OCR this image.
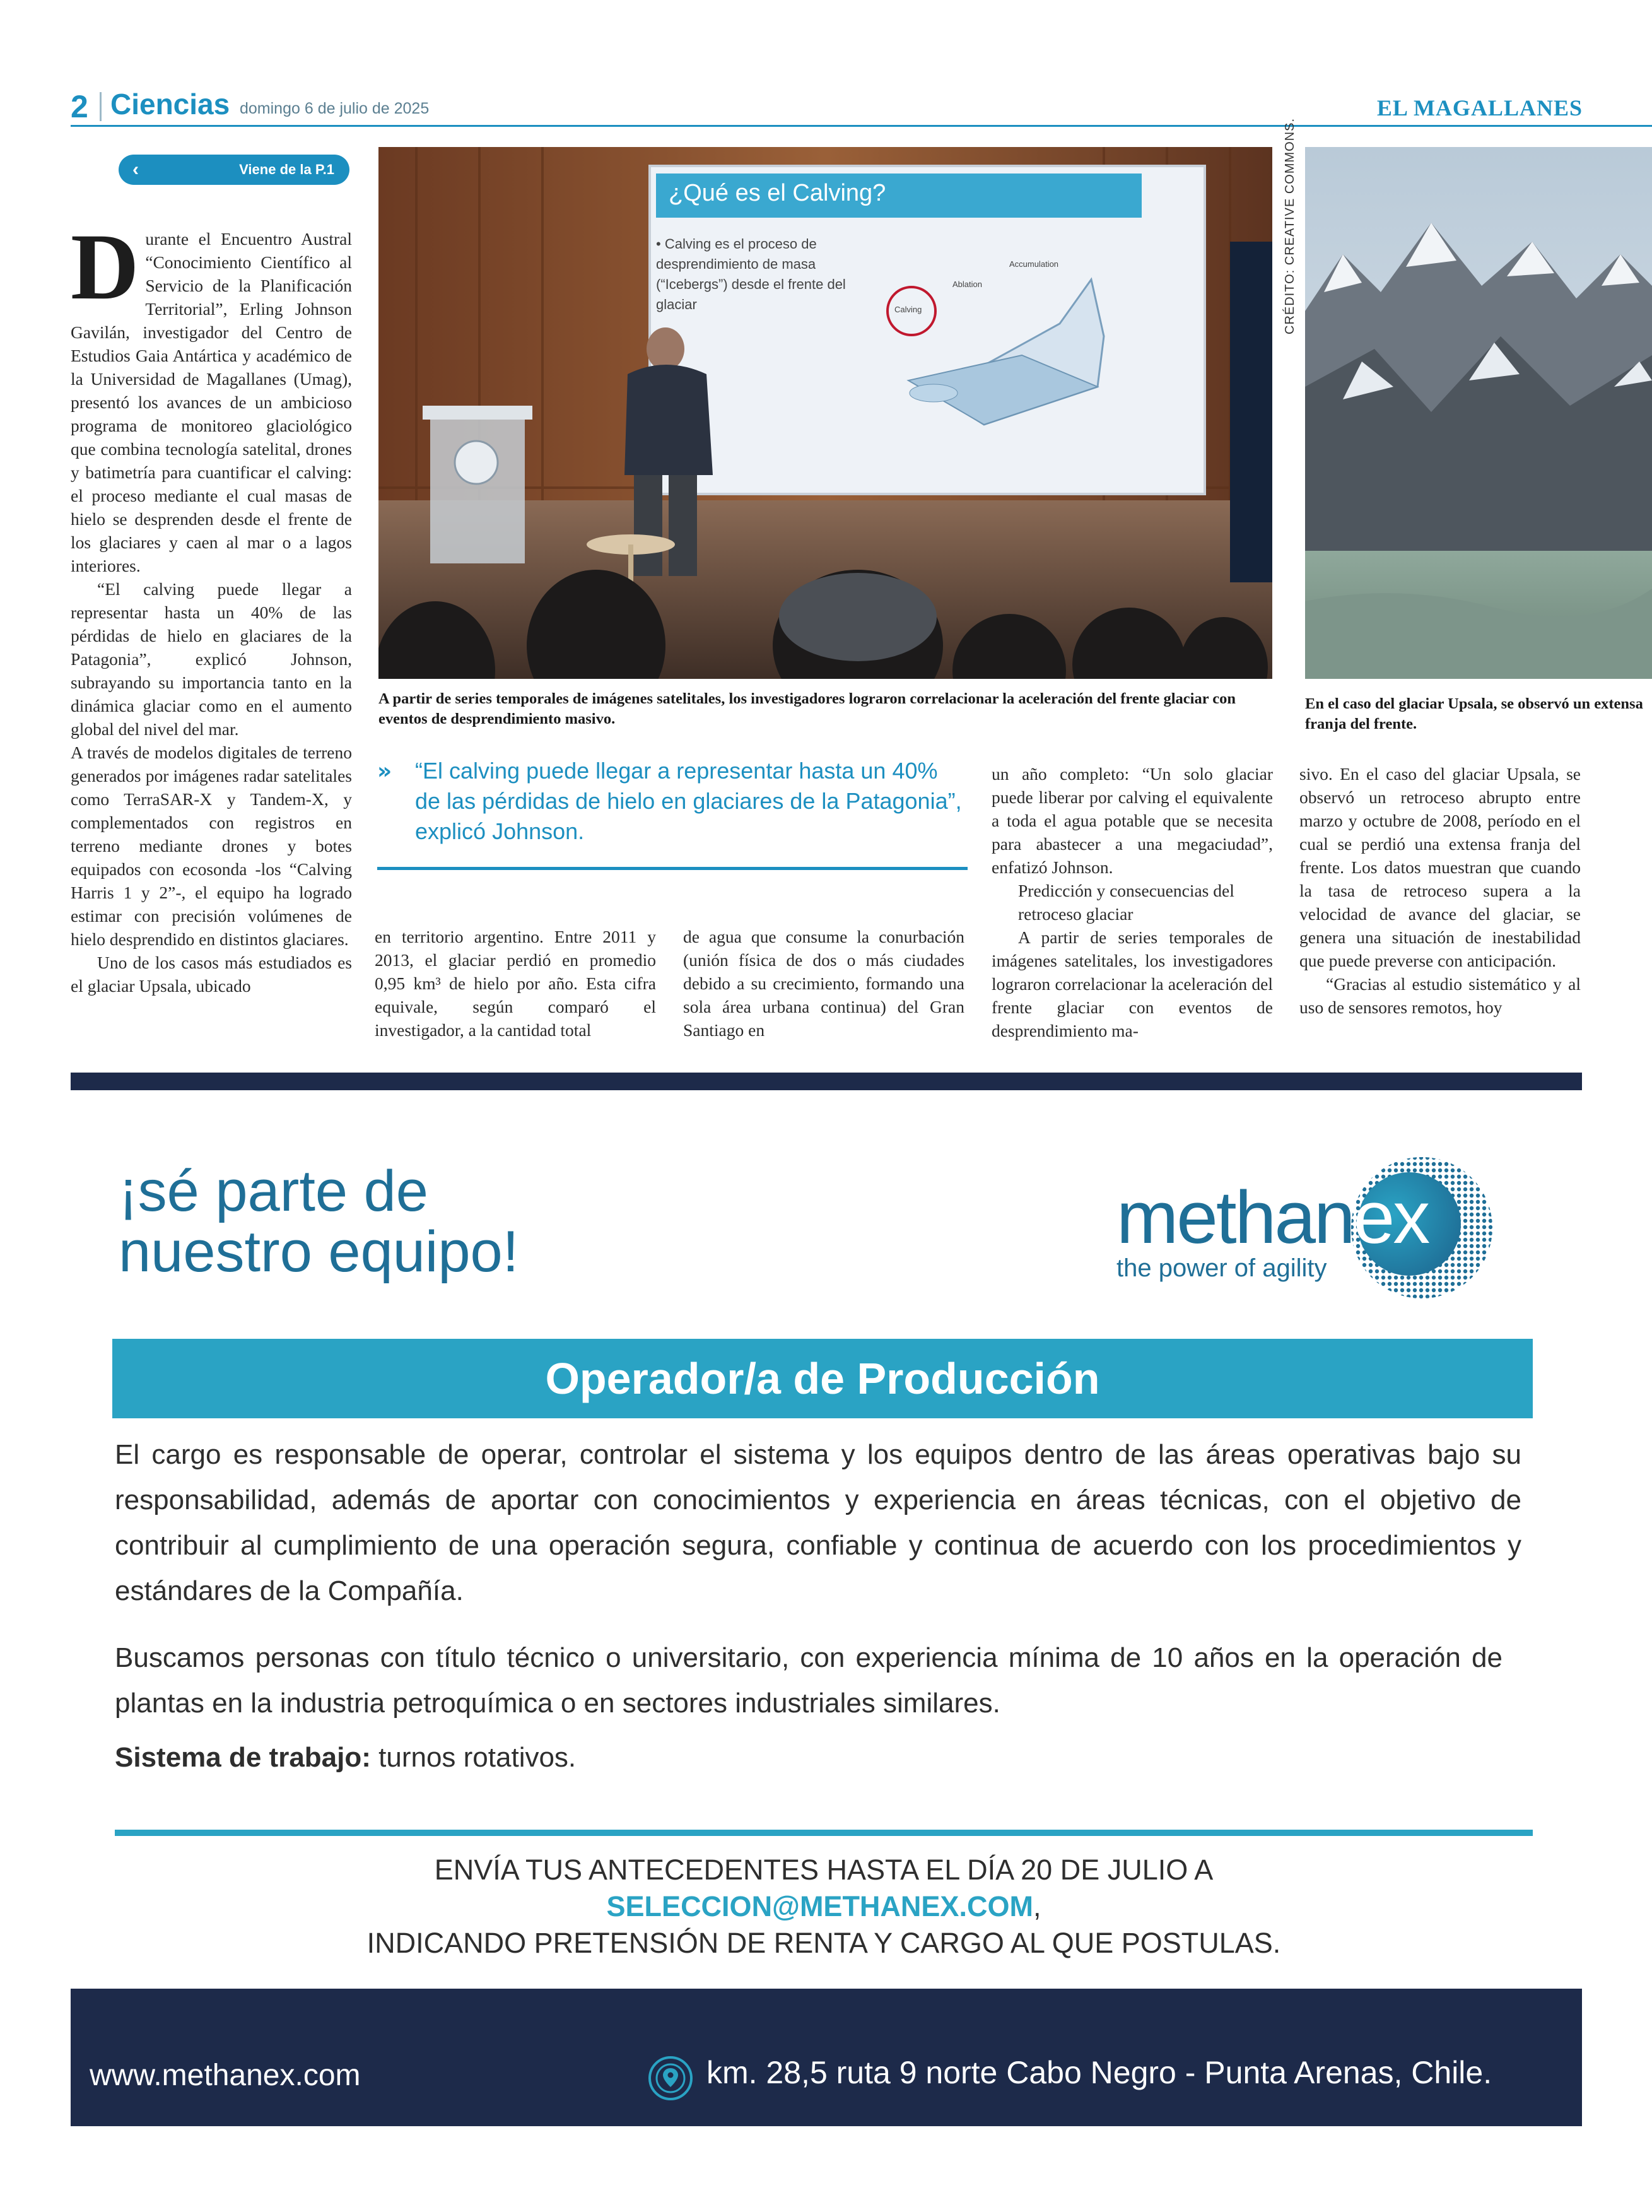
2 Ciencias domingo 6 de julio de 2025	EL MAGALLANES
‹	Viene de la P.1

Durante el Encuentro Austral “Conocimiento Científico al Servicio de la Planificación Territorial”, Erling Johnson Gavilán, investigador del Centro de Estudios Gaia Antártica y académico de la Universidad de Magallanes (Umag), presentó los avances de un ambicioso programa de monitoreo glaciológico que combina tecnología satelital, drones y batimetría para cuantificar el calving: el proceso mediante el cual masas de hielo se desprenden desde el frente de los glaciares y caen al mar o a lagos interiores.

“El calving puede llegar a representar hasta un 40% de las pérdidas de hielo en glaciares de la Patagonia”, explicó Johnson, subrayando su importancia tanto en la dinámica glaciar como en el aumento global del nivel del mar.

A través de modelos digitales de terreno generados por imágenes radar satelitales como TerraSAR-X y Tandem-X, y complementados con registros en terreno mediante drones y botes equipados con ecosonda -los “Calving Harris 1 y 2”-, el equipo ha logrado estimar con precisión volúmenes de hielo desprendido en distintos glaciares.

Uno de los casos más estudiados es el glaciar Upsala, ubicado

¿Qué es el Calving?
• Calving es el proceso de desprendimiento de masa (“Icebergs”) desde el frente del glaciar	Calving
Ablation
Accumulation
A partir de series temporales de imágenes satelitales, los investigadores lograron correlacionar la aceleración del frente glaciar con eventos de desprendimiento masivo.
CRÉDITO: CREATIVE COMMONS.
En el caso del glaciar Upsala, se observó un extensa franja del frente.
» “El calving puede llegar a representar hasta un 40% de las pérdidas de hielo en glaciares de la Patagonia”, explicó Johnson.

en territorio argentino. Entre 2011 y 2013, el glaciar perdió en promedio 0,95 km³ de hielo por año. Esta cifra equivale, según comparó el investigador, a la cantidad total

de agua que consume la conurbación (unión física de dos o más ciudades debido a su crecimiento, formando una sola área urbana continua) del Gran Santiago en

un año completo: “Un solo glaciar puede liberar por calving el equivalente a toda el agua potable que se necesita para abastecer a una megaciudad”, enfatizó Johnson.

Predicción y consecuencias del retroceso glaciar

A partir de series temporales de imágenes satelitales, los investigadores lograron correlacionar la aceleración del frente glaciar con eventos de desprendimiento ma-

sivo. En el caso del glaciar Upsala, se observó un retroceso abrupto entre marzo y octubre de 2008, período en el cual se perdió una extensa franja del frente. Los datos muestran que cuando la tasa de retroceso supera a la velocidad de avance del glaciar, se genera una situación de inestabilidad que puede preverse con anticipación.

“Gracias al estudio sistemático y al uso de sensores remotos, hoy

¡sé parte de
nuestro equipo!	methanex
the power of agility
Operador/a de Producción
El cargo es responsable de operar, controlar el sistema y los equipos dentro de las áreas operativas bajo su responsabilidad, además de aportar con conocimientos y experiencia en áreas técnicas, con el objetivo de contribuir al cumplimiento de una operación segura, confiable y continua de acuerdo con los procedimientos y estándares de la Compañía.
Buscamos personas con título técnico o universitario, con experiencia mínima de 10 años en la operación de plantas en la industria petroquímica o en sectores industriales similares.
Sistema de trabajo: turnos rotativos.
ENVÍA TUS ANTECEDENTES HASTA EL DÍA 20 DE JULIO A
SELECCION@METHANEX.COM,
INDICANDO PRETENSIÓN DE RENTA Y CARGO AL QUE POSTULAS.
www.methanex.com	km. 28,5 ruta 9 norte Cabo Negro - Punta Arenas, Chile.
